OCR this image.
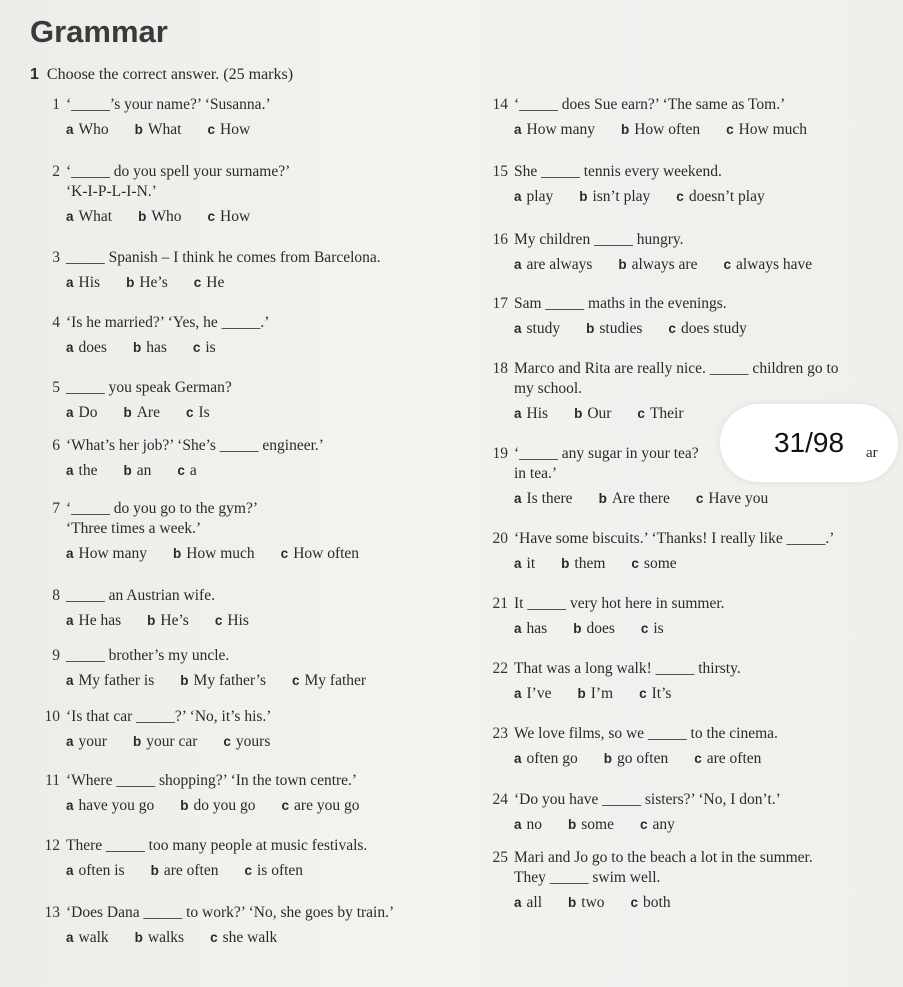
Grammar
1 Choose the correct answer. (25 marks)
1 ‘_____’s your name?’ ‘Susanna.’
a Who b What c How
2 ‘_____ do you spell your surname?’
‘K-I-P-L-I-N.’
a What b Who c How
3 _____ Spanish – I think he comes from Barcelona.
a His b He’s c He
4 ‘Is he married?’ ‘Yes, he _____.’
a does b has c is
5 _____ you speak German?
a Do b Are c Is
6 ‘What’s her job?’ ‘She’s _____ engineer.’
a the b an c a
7 ‘_____ do you go to the gym?’
‘Three times a week.’
a How many b How much c How often
8 _____ an Austrian wife.
a He has b He’s c His
9 _____ brother’s my uncle.
a My father is b My father’s c My father
10 ‘Is that car _____?’ ‘No, it’s his.’
a your b your car c yours
11 ‘Where _____ shopping?’ ‘In the town centre.’
a have you go b do you go c are you go
12 There _____ too many people at music festivals.
a often is b are often c is often
13 ‘Does Dana _____ to work?’ ‘No, she goes by train.’
a walk b walks c she walk
14 ‘_____ does Sue earn?’ ‘The same as Tom.’
a How many b How often c How much
15 She _____ tennis every weekend.
a play b isn’t play c doesn’t play
16 My children _____ hungry.
a are always b always are c always have
17 Sam _____ maths in the evenings.
a study b studies c does study
18 Marco and Rita are really nice. _____ children go to
my school.
a His b Our c Their
19 ‘_____ any sugar in your tea?
in tea.’
a Is there b Are there c Have you
20 ‘Have some biscuits.’ ‘Thanks! I really like _____.’
a it b them c some
21 It _____ very hot here in summer.
a has b does c is
22 That was a long walk! _____ thirsty.
a I’ve b I’m c It’s
23 We love films, so we _____ to the cinema.
a often go b go often c are often
24 ‘Do you have _____ sisters?’ ‘No, I don’t.’
a no b some c any
25 Mari and Jo go to the beach a lot in the summer.
They _____ swim well.
a all b two c both
31/98	ar
